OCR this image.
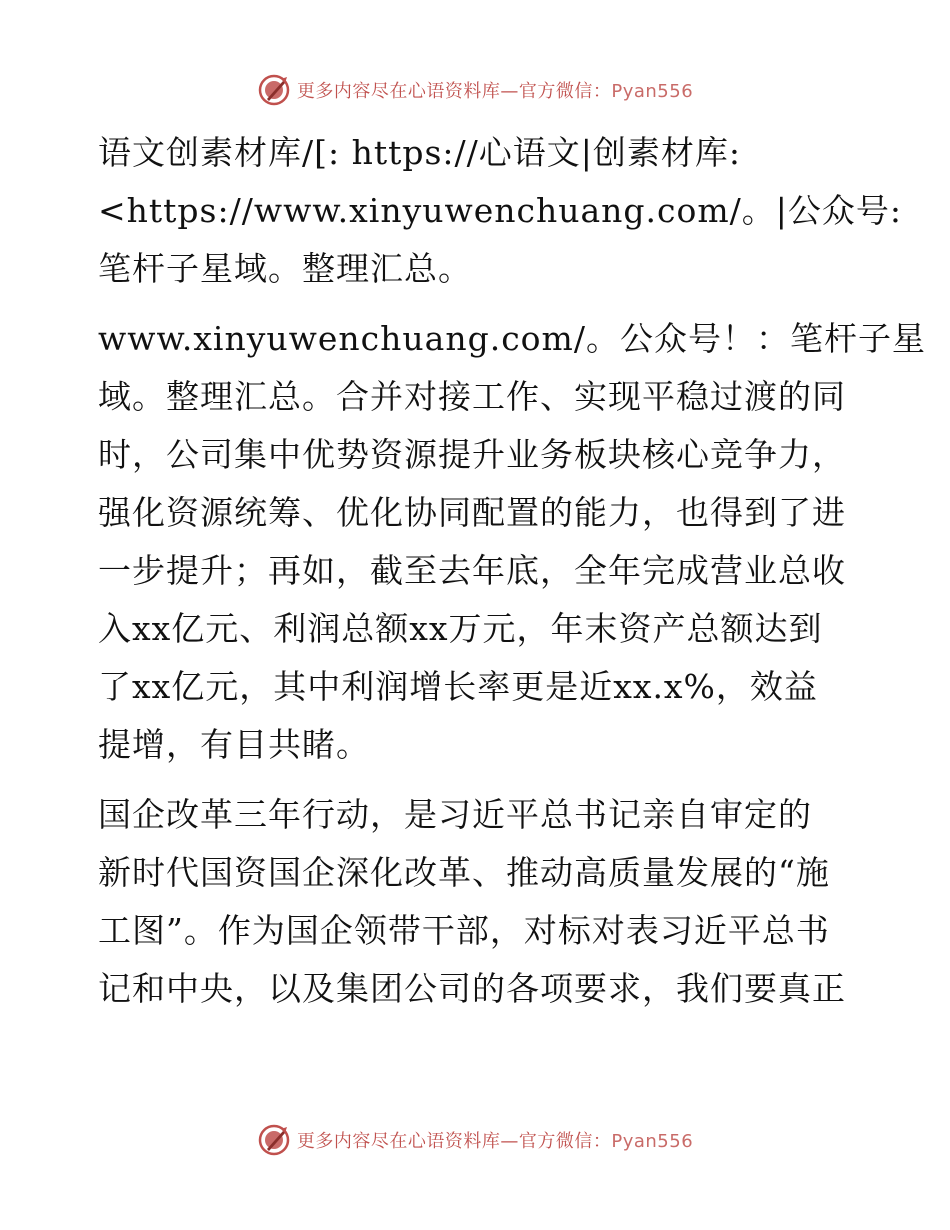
更多内容尽在心语资料库—官方微信：Pyan556
语文创素材库/[: https://心语文|创素材库:
<https://www.xinyuwenchuang.com/。|公众号:
笔杆子星域。整理汇总。
www.xinyuwenchuang.com/。公众号！：笔杆子星
域。整理汇总。合并对接工作、实现平稳过渡的同
时，公司集中优势资源提升业务板块核心竞争力，
强化资源统筹、优化协同配置的能力，也得到了进
一步提升；再如，截至去年底，全年完成营业总收
入xx亿元、利润总额xx万元，年末资产总额达到
了xx亿元，其中利润增长率更是近xx.x%，效益
提增，有目共睹。
国企改革三年行动，是习近平总书记亲自审定的
新时代国资国企深化改革、推动高质量发展的“施
工图”。作为国企领带干部，对标对表习近平总书
记和中央，以及集团公司的各项要求，我们要真正
更多内容尽在心语资料库—官方微信：Pyan556
